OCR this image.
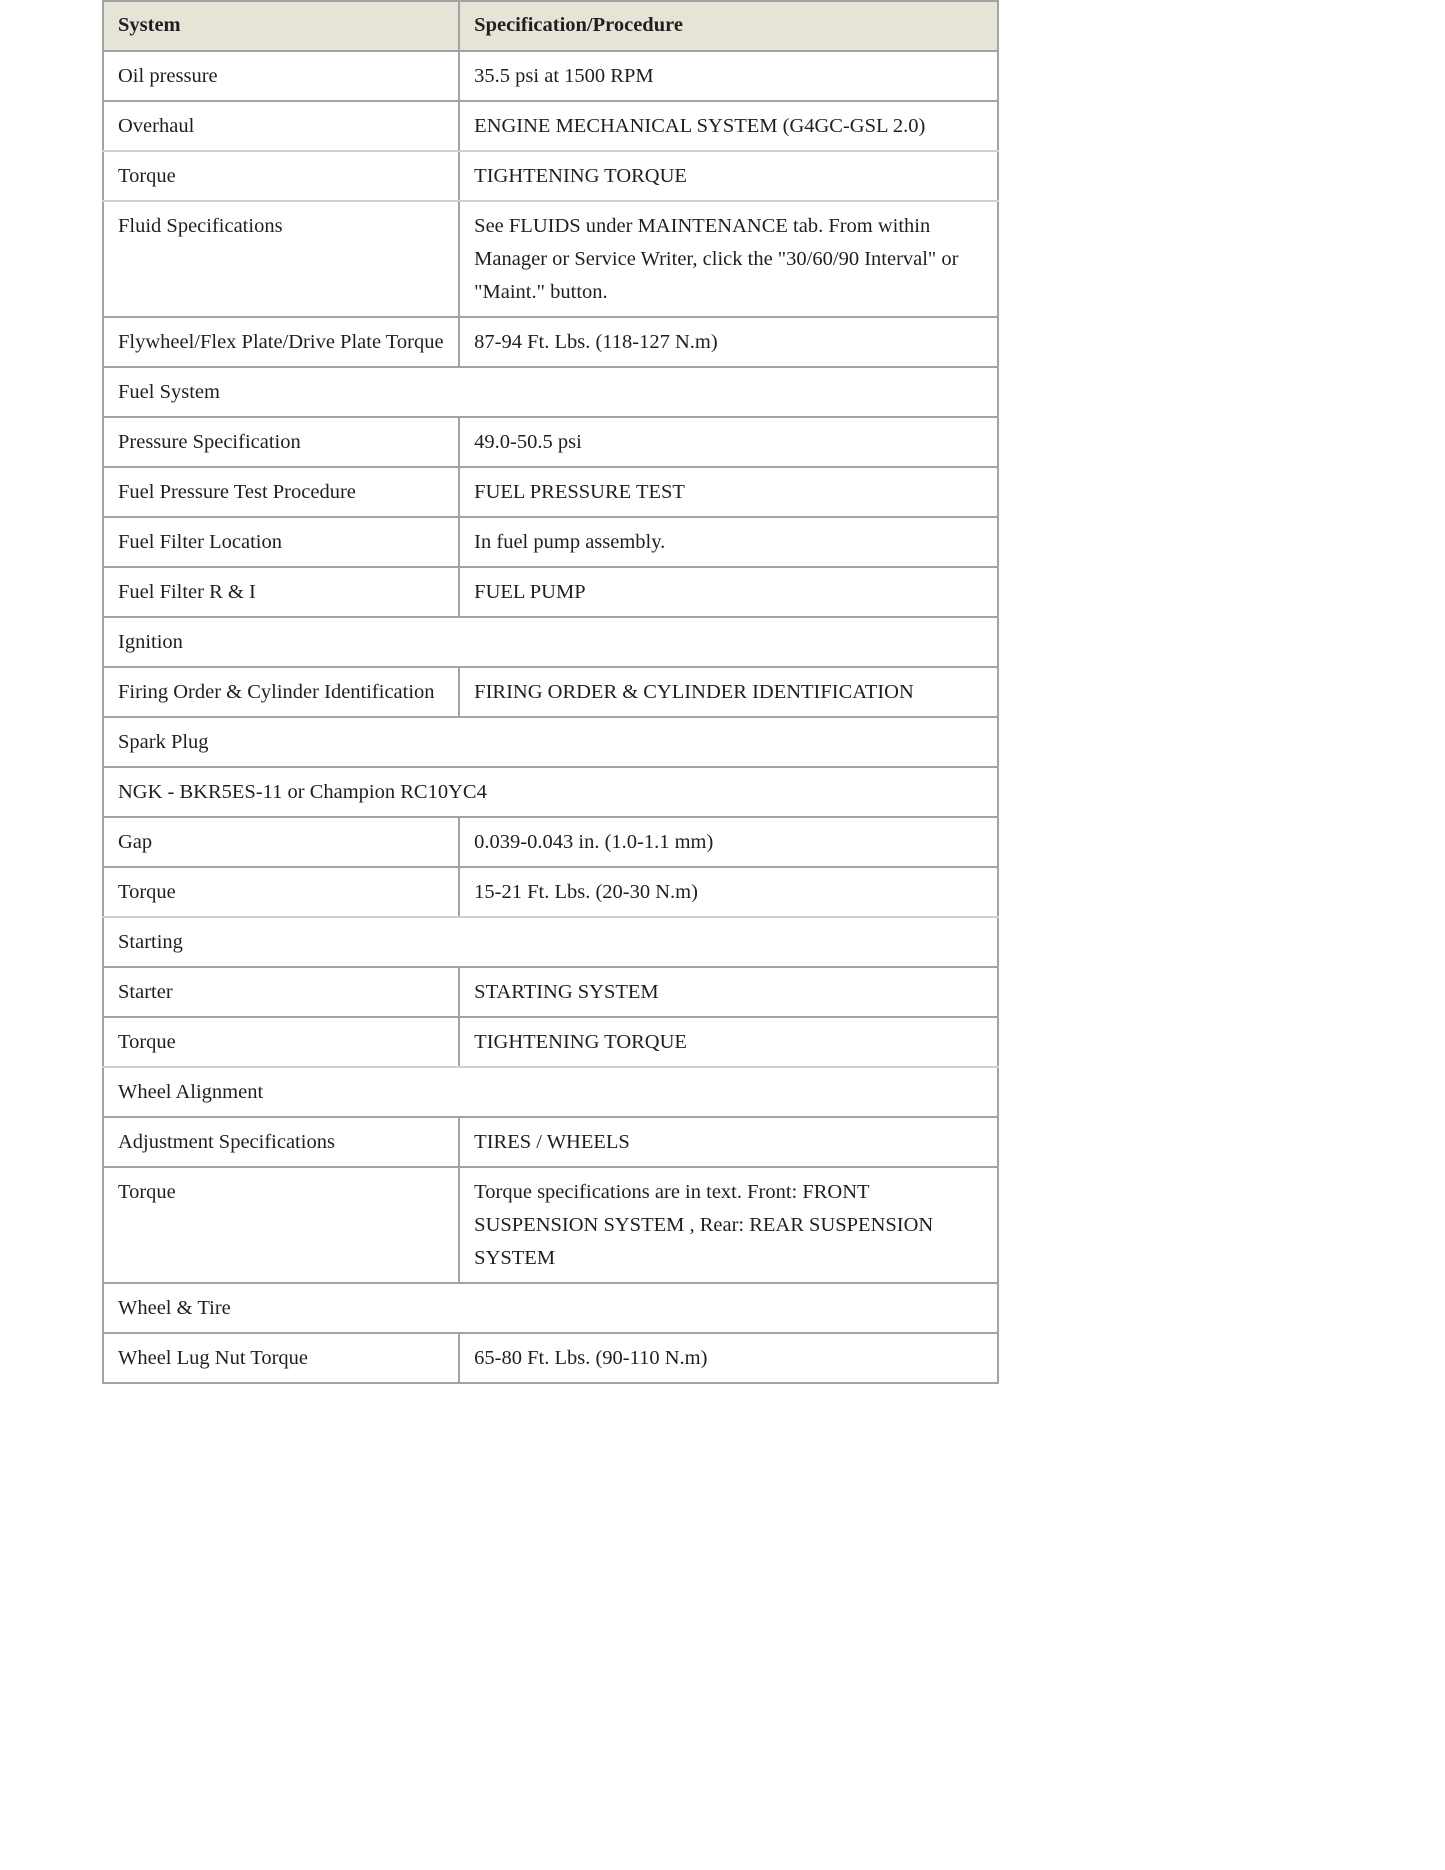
System	Specification/Procedure
Oil pressure	35.5 psi at 1500 RPM
Overhaul	ENGINE MECHANICAL SYSTEM (G4GC-GSL 2.0)
Torque	TIGHTENING TORQUE
Fluid Specifications	See FLUIDS under MAINTENANCE tab. From within Manager or Service Writer, click the "30/60/90 Interval" or "Maint." button.
Flywheel/Flex Plate/Drive Plate Torque	87-94 Ft. Lbs. (118-127 N.m)
Fuel System	
Pressure Specification	49.0-50.5 psi
Fuel Pressure Test Procedure	FUEL PRESSURE TEST
Fuel Filter Location	In fuel pump assembly.
Fuel Filter R & I	FUEL PUMP
Ignition	
Firing Order & Cylinder Identification	FIRING ORDER & CYLINDER IDENTIFICATION
Spark Plug	
NGK - BKR5ES-11 or Champion RC10YC4	
Gap	0.039-0.043 in. (1.0-1.1 mm)
Torque	15-21 Ft. Lbs. (20-30 N.m)
Starting	
Starter	STARTING SYSTEM
Torque	TIGHTENING TORQUE
Wheel Alignment	
Adjustment Specifications	TIRES / WHEELS
Torque	Torque specifications are in text. Front: FRONT SUSPENSION SYSTEM , Rear: REAR SUSPENSION SYSTEM
Wheel & Tire	
Wheel Lug Nut Torque	65-80 Ft. Lbs. (90-110 N.m)
